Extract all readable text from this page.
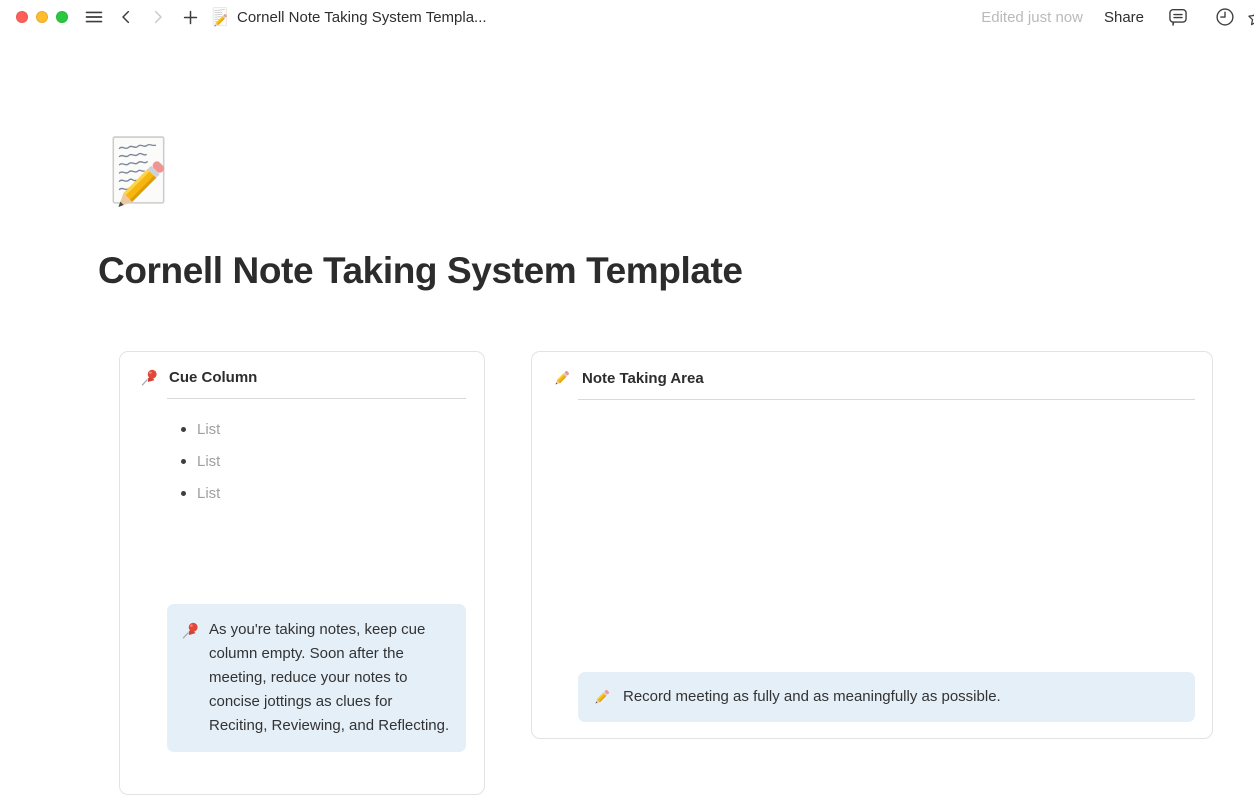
Cornell Note Taking System Templa...	Edited just now Share
Cornell Note Taking System Template
Cue Column
List
List
List
As you're taking notes, keep cue column empty. Soon after the meeting, reduce your notes to concise jottings as clues for Reciting, Reviewing, and Reflecting.
Note Taking Area
Record meeting as fully and as meaningfully as possible.
